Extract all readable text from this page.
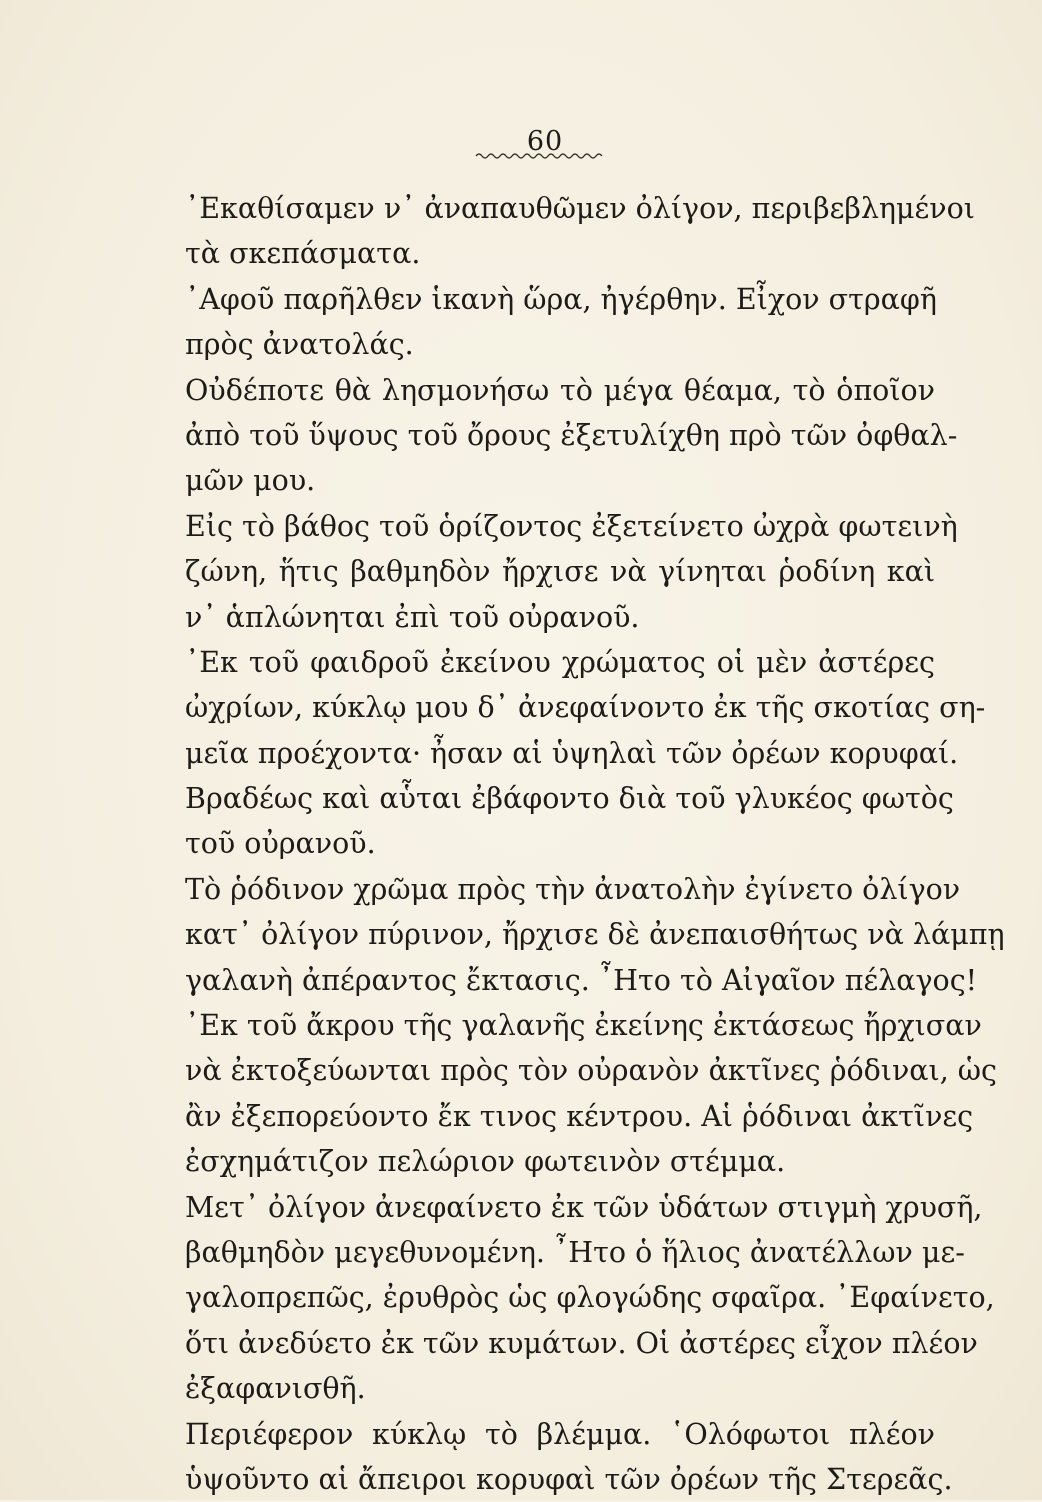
60
᾿Εκαθίσαμεν ν᾿ ἀναπαυθῶμεν ὀλίγον, περιβεβλημένοι
τὰ σκεπάσματα.
᾿Αφοῦ παρῆλθεν ἱκανὴ ὥρα, ἠγέρθην. Εἶχον στραφῆ
πρὸς ἀνατολάς.
Οὐδέποτε θὰ λησμονήσω τὸ μέγα θέαμα, τὸ ὁποῖον
ἀπὸ τοῦ ὕψους τοῦ ὄρους ἐξετυλίχθη πρὸ τῶν ὀφθαλ-
μῶν μου.
Εἰς τὸ βάθος τοῦ ὁρίζοντος ἐξετείνετο ὠχρὰ φωτεινὴ
ζώνη, ἥτις βαθμηδὸν ἤρχισε νὰ γίνηται ῥοδίνη καὶ
ν᾿ ἁπλώνηται ἐπὶ τοῦ οὐρανοῦ.
᾿Εκ τοῦ φαιδροῦ ἐκείνου χρώματος οἱ μὲν ἀστέρες
ὠχρίων, κύκλῳ μου δ᾿ ἀνεφαίνοντο ἐκ τῆς σκοτίας ση-
μεῖα προέχοντα· ἦσαν αἱ ὑψηλαὶ τῶν ὀρέων κορυφαί.
Βραδέως καὶ αὗται ἐβάφοντο διὰ τοῦ γλυκέος φωτὸς
τοῦ οὐρανοῦ.
Τὸ ῥόδινον χρῶμα πρὸς τὴν ἀνατολὴν ἐγίνετο ὀλίγον
κατ᾿ ὀλίγον πύρινον, ἤρχισε δὲ ἀνεπαισθήτως νὰ λάμπῃ
γαλανὴ ἀπέραντος ἔκτασις. ῏Ητο τὸ Αἰγαῖον πέλαγος!
᾿Εκ τοῦ ἄκρου τῆς γαλανῆς ἐκείνης ἐκτάσεως ἤρχισαν
νὰ ἐκτοξεύωνται πρὸς τὸν οὐρανὸν ἀκτῖνες ῥόδιναι, ὡς
ἂν ἐξεπορεύοντο ἔκ τινος κέντρου. Αἱ ῥόδιναι ἀκτῖνες
ἐσχημάτιζον πελώριον φωτεινὸν στέμμα.
Μετ᾿ ὀλίγον ἀνεφαίνετο ἐκ τῶν ὑδάτων στιγμὴ χρυσῆ,
βαθμηδὸν μεγεθυνομένη. ῏Ητο ὁ ἥλιος ἀνατέλλων με-
γαλοπρεπῶς, ἐρυθρὸς ὡς φλογώδης σφαῖρα. ᾿Εφαίνετο,
ὅτι ἀνεδύετο ἐκ τῶν κυμάτων. Οἱ ἀστέρες εἶχον πλέον
ἐξαφανισθῆ.
Περιέφερον κύκλῳ τὸ βλέμμα. ῾Ολόφωτοι πλέον
ὑψοῦντο αἱ ἄπειροι κορυφαὶ τῶν ὀρέων τῆς Στερεᾶς.
